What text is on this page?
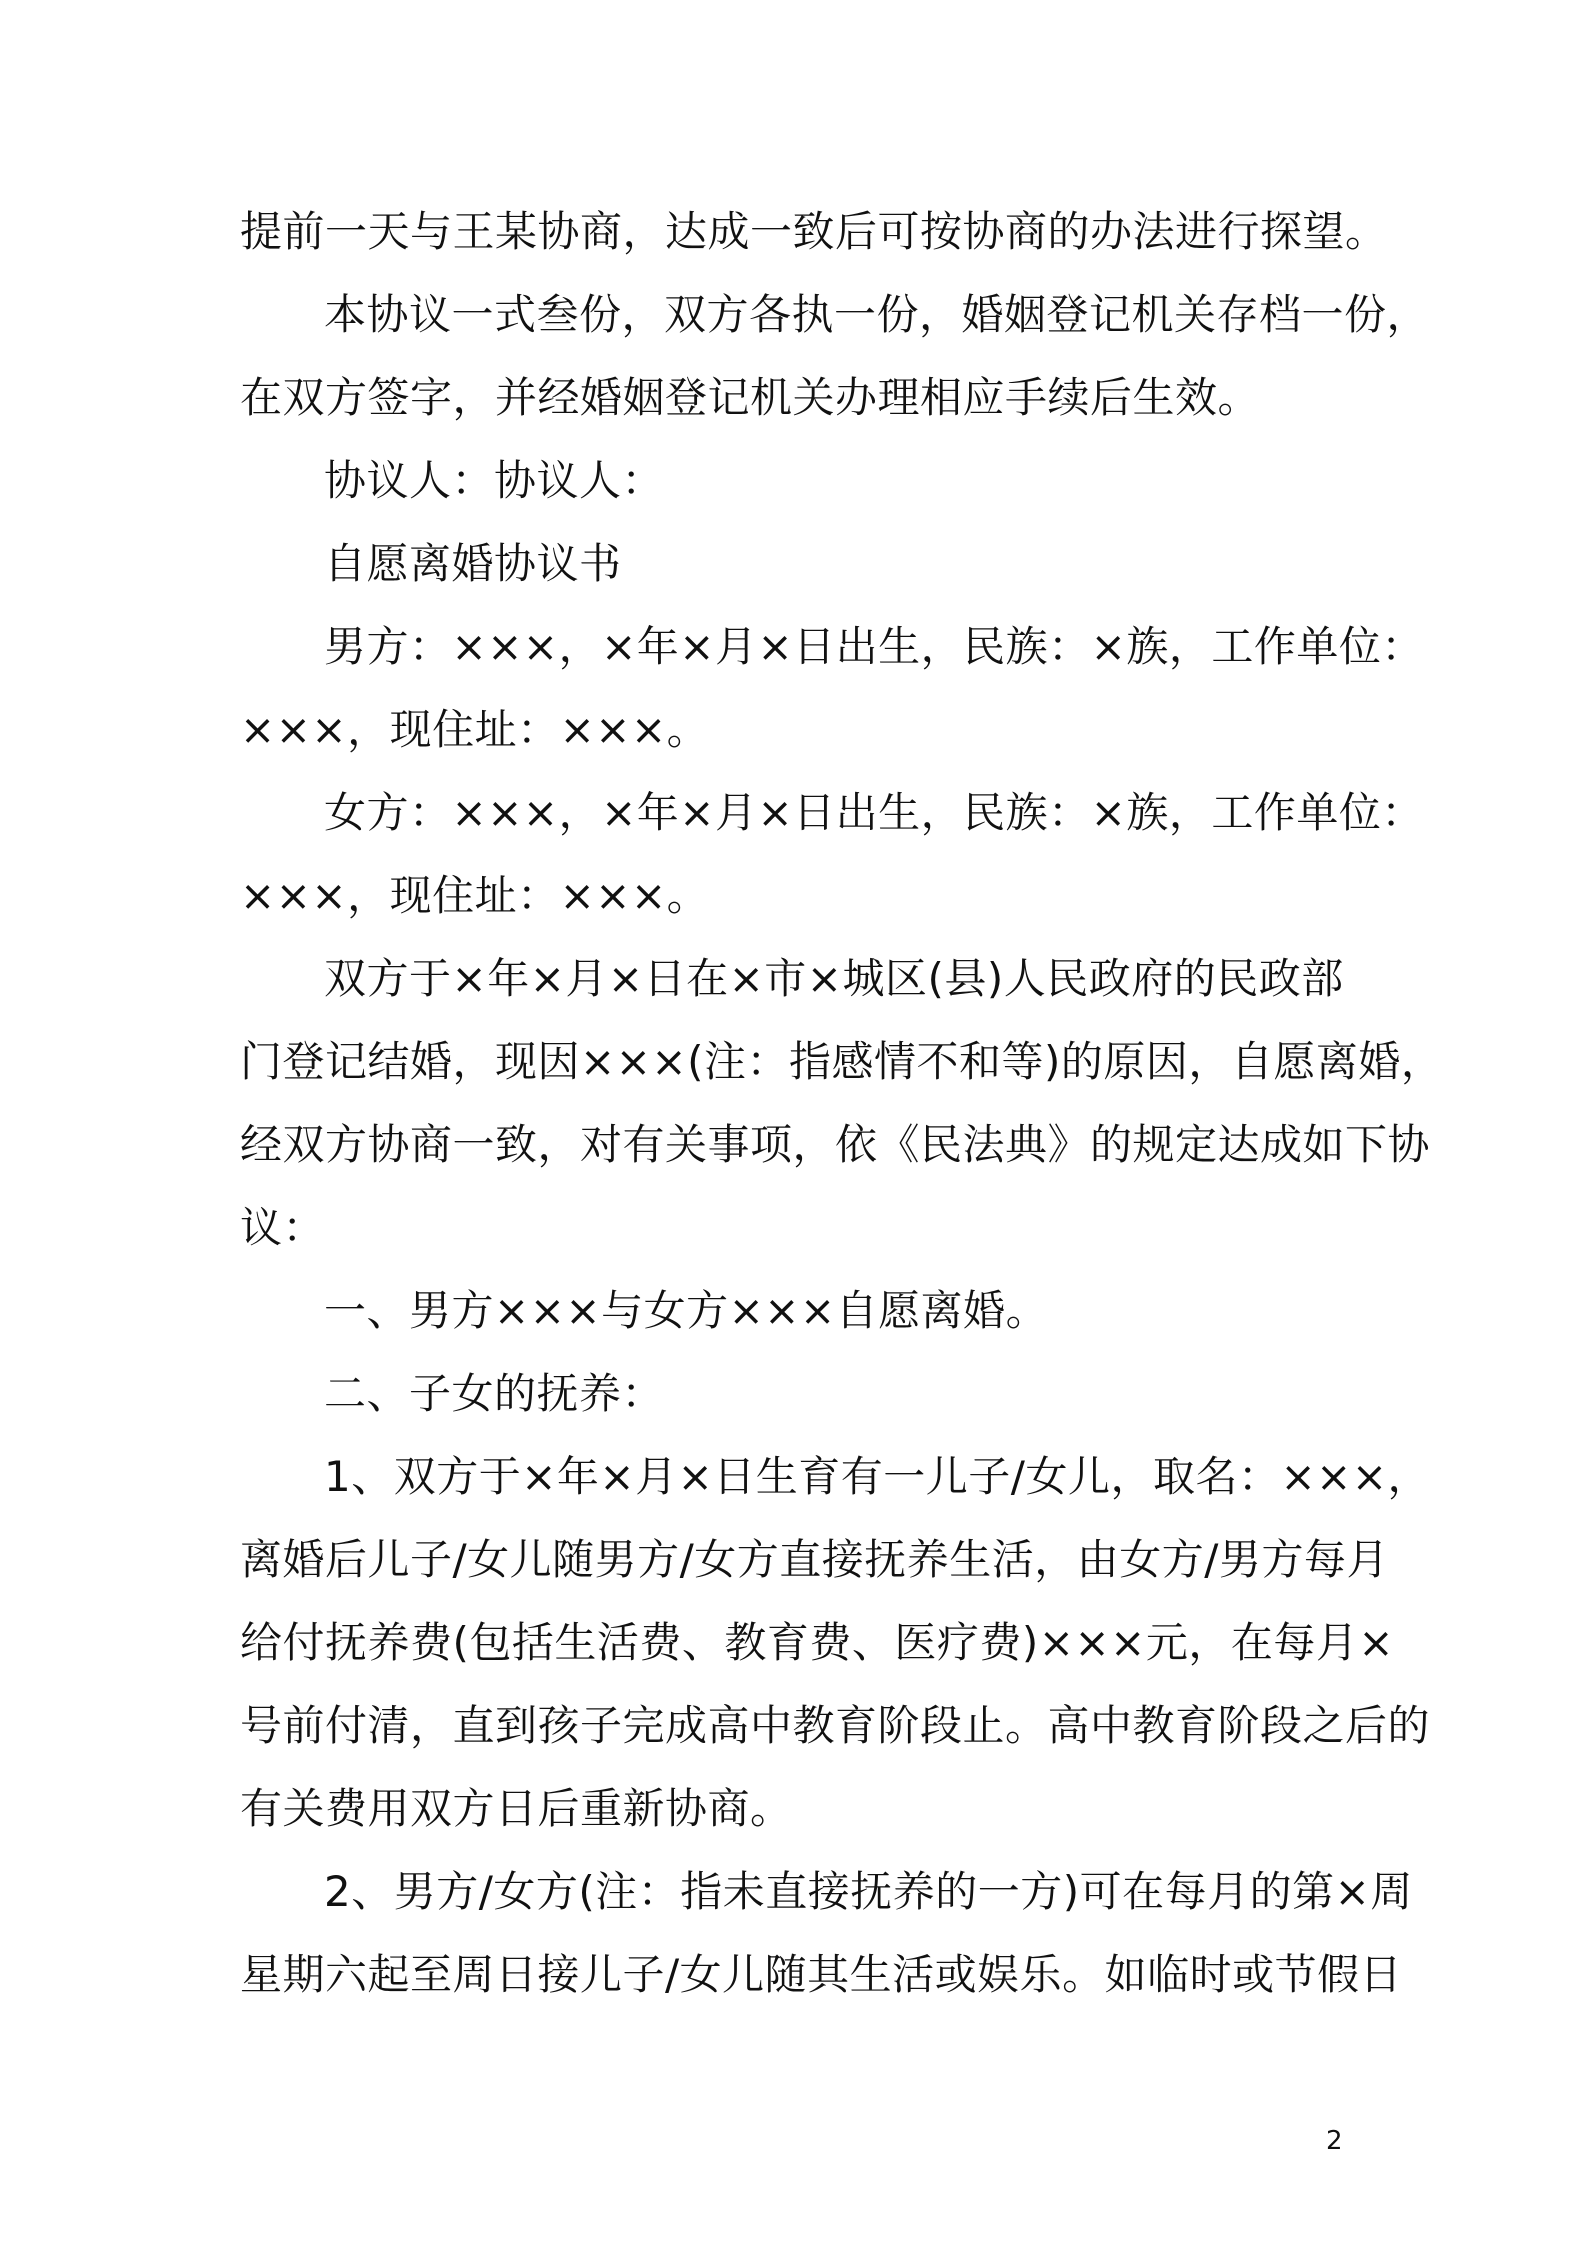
提前一天与王某协商，达成一致后可按协商的办法进行探望。
本协议一式叁份，双方各执一份，婚姻登记机关存档一份，
在双方签字，并经婚姻登记机关办理相应手续后生效。
协议人：协议人：
自愿离婚协议书
男方：×××，×年×月×日出生，民族：×族，工作单位：
×××，现住址：×××。
女方：×××，×年×月×日出生，民族：×族，工作单位：
×××，现住址：×××。
双方于×年×月×日在×市×城区(县)人民政府的民政部
门登记结婚，现因×××(注：指感情不和等)的原因，自愿离婚，
经双方协商一致，对有关事项，依《民法典》的规定达成如下协
议：
一、男方×××与女方×××自愿离婚。
二、子女的抚养：
1、双方于×年×月×日生育有一儿子/女儿，取名：×××，
离婚后儿子/女儿随男方/女方直接抚养生活，由女方/男方每月
给付抚养费(包括生活费、教育费、医疗费)×××元，在每月×
号前付清，直到孩子完成高中教育阶段止。高中教育阶段之后的
有关费用双方日后重新协商。
2、男方/女方(注：指未直接抚养的一方)可在每月的第×周
星期六起至周日接儿子/女儿随其生活或娱乐。如临时或节假日
2
